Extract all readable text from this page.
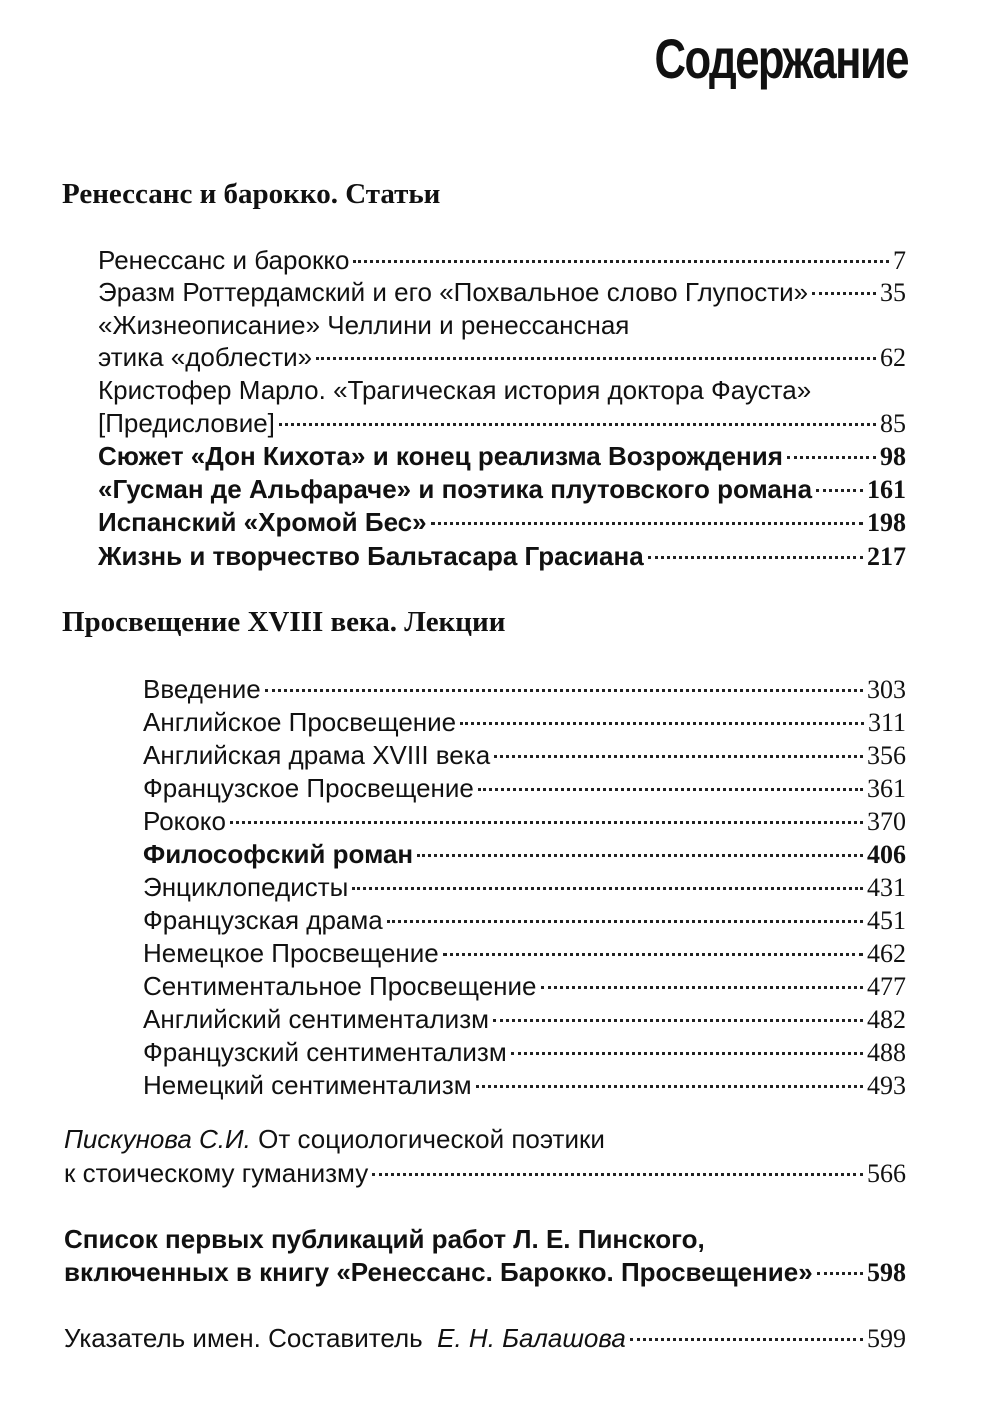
Содержание
Ренессанс и барокко. Статьи
Ренессанс и барокко	7
Эразм Роттердамский и его «Похвальное слово Глупости»	35
«Жизнеописание» Челлини и ренессансная
этика «доблести»	62
Кристофер Марло. «Трагическая история доктора Фауста»
[Предисловие]	85
Сюжет «Дон Кихота» и конец реализма Возрождения	98
«Гусман де Альфараче» и поэтика плутовского романа 161
Испанский «Хромой Бес»	198
Жизнь и творчество Бальтасара Грасиана	217
Просвещение XVIII века. Лекции
Введение	303
Английское Просвещение	311
Английская драма XVIII века	356
Французское Просвещение	361
Рококо	370
Философский роман	406
Энциклопедисты	431
Французская драма	451
Немецкое Просвещение	462
Сентиментальное Просвещение	477
Английский сентиментализм	482
Французский сентиментализм	488
Немецкий сентиментализм	493
Пискунова С.И. От социологической поэтики
к стоическому гуманизму	566
Список первых публикаций работ Л. Е. Пинского,
включенных в книгу «Ренессанс. Барокко. Просвещение» 598
Указатель имен. Составитель Е. Н. Балашова	599
